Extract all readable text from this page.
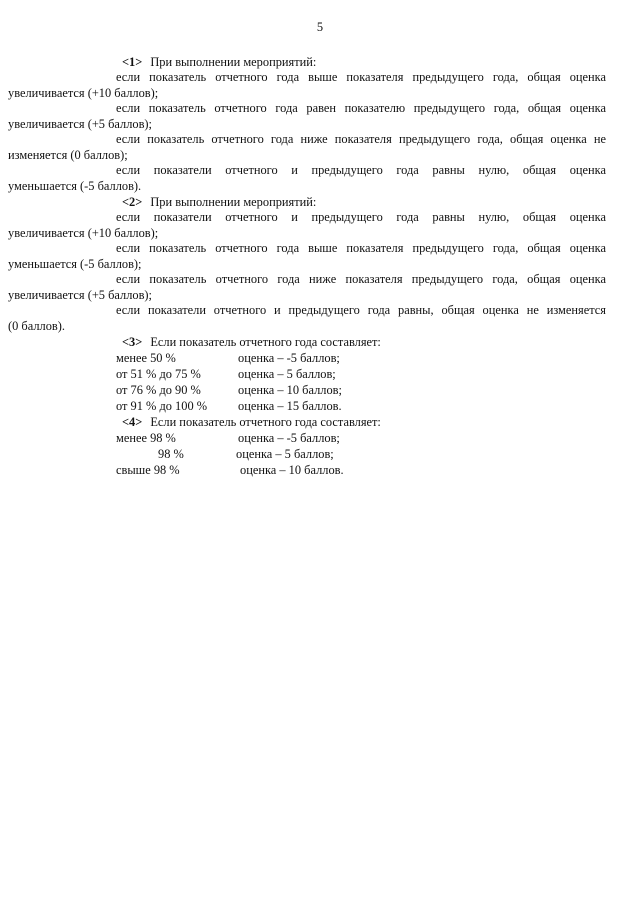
5
<1> При выполнении мероприятий:
если показатель отчетного года выше показателя предыдущего года, общая оценка
увеличивается (+10 баллов);
если показатель отчетного года равен показателю предыдущего года, общая оценка
увеличивается (+5 баллов);
если показатель отчетного года ниже показателя предыдущего года, общая оценка не
изменяется (0 баллов);
если показатели отчетного и предыдущего года равны нулю, общая оценка
уменьшается (-5 баллов).
<2> При выполнении мероприятий:
если показатели отчетного и предыдущего года равны нулю, общая оценка
увеличивается (+10 баллов);
если показатель отчетного года выше показателя предыдущего года, общая оценка
уменьшается (-5 баллов);
если показатель отчетного года ниже показателя предыдущего года, общая оценка
увеличивается (+5 баллов);
если показатели отчетного и предыдущего года равны, общая оценка не изменяется
(0 баллов).
<3> Если показатель отчетного года составляет:
менее 50 %	оценка – -5 баллов;
от 51 % до 75 %	оценка – 5 баллов;
от 76 % до 90 %	оценка – 10 баллов;
от 91 % до 100 % оценка – 15 баллов.
<4> Если показатель отчетного года составляет:
менее 98 %	оценка – -5 баллов;
98 %	оценка – 5 баллов;
свыше 98 %	оценка – 10 баллов.
